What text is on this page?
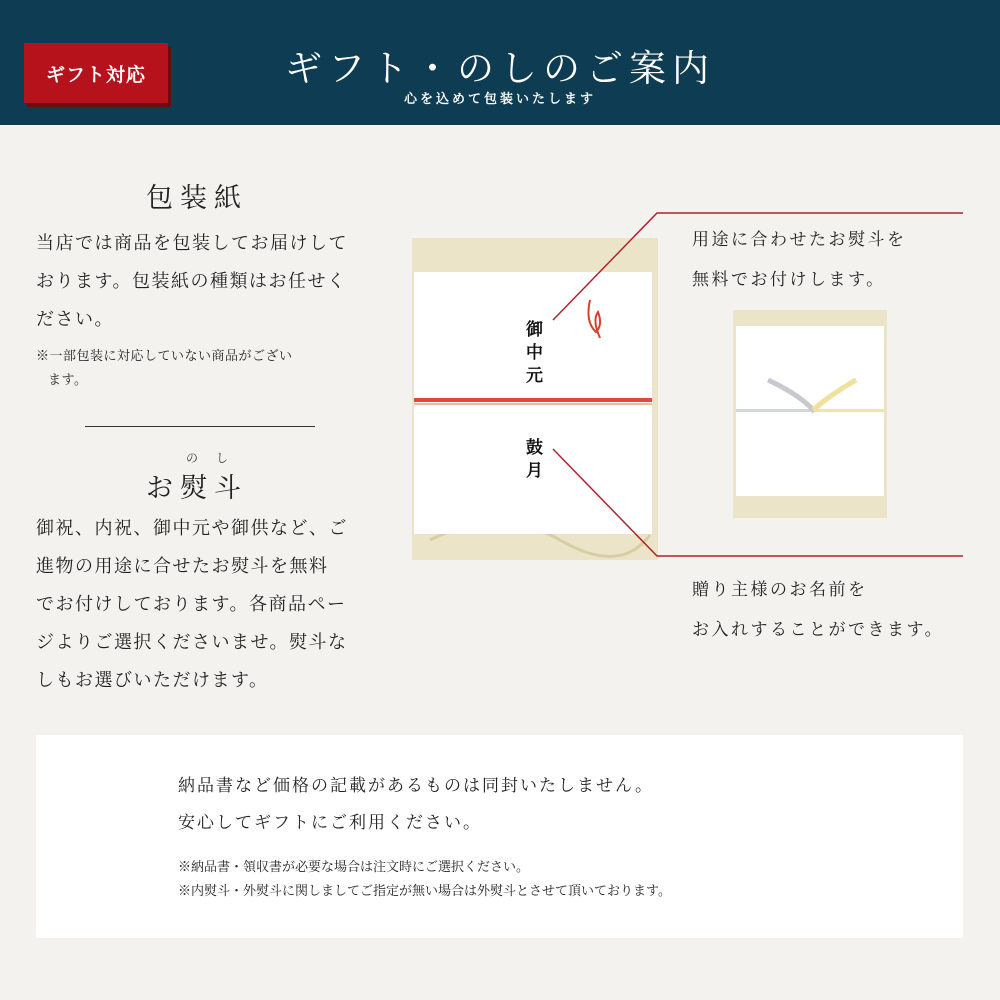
ギフト対応	ギフト・のしのご案内
心を込めて包装いたします
包装紙
当店では商品を包装してお届けして
おります。包装紙の種類はお任せく
ださい。
※一部包装に対応していない商品がござい
ます。
のし
お熨斗
御祝、内祝、御中元や御供など、ご
進物の用途に合せたお熨斗を無料
でお付けしております。各商品ペー
ジよりご選択くださいませ。熨斗な
しもお選びいただけます。
御中元
鼓月
用途に合わせたお熨斗を
無料でお付けします。
贈り主様のお名前を
お入れすることができます。
納品書など価格の記載があるものは同封いたしません。
安心してギフトにご利用ください。
※納品書・領収書が必要な場合は注文時にご選択ください。
※内熨斗・外熨斗に関しましてご指定が無い場合は外熨斗とさせて頂いております。
